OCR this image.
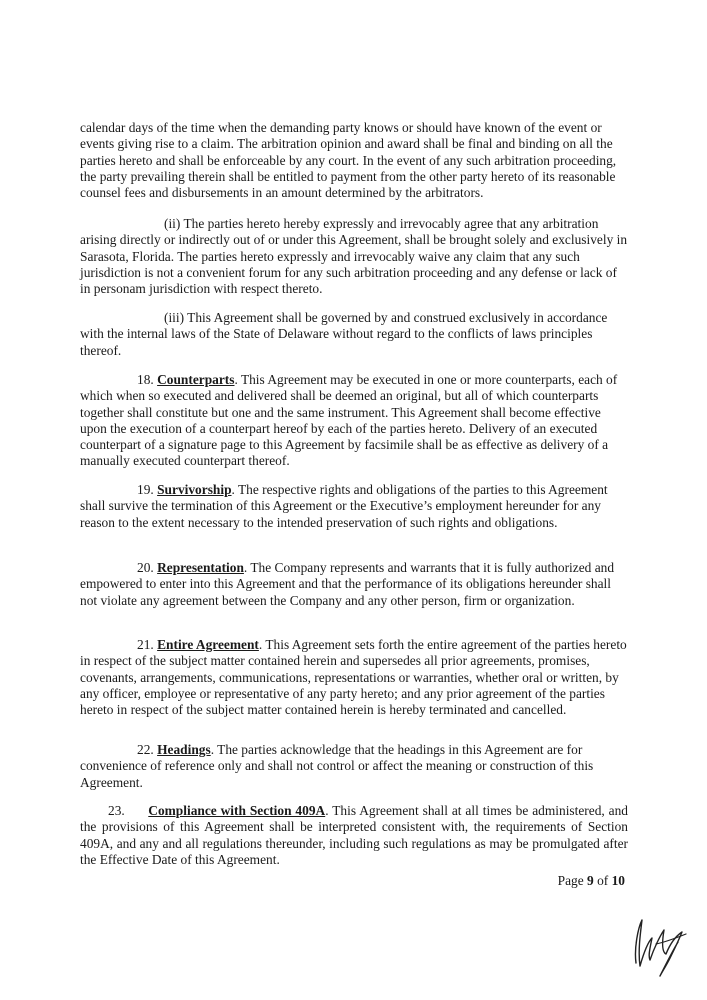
calendar days of the time when the demanding party knows or should have known of the event or events giving rise to a claim. The arbitration opinion and award shall be final and binding on all the parties hereto and shall be enforceable by any court. In the event of any such arbitration proceeding, the party prevailing therein shall be entitled to payment from the other party hereto of its reasonable counsel fees and disbursements in an amount determined by the arbitrators.

(ii) The parties hereto hereby expressly and irrevocably agree that any arbitration arising directly or indirectly out of or under this Agreement, shall be brought solely and exclusively in Sarasota, Florida. The parties hereto expressly and irrevocably waive any claim that any such jurisdiction is not a convenient forum for any such arbitration proceeding and any defense or lack of in personam jurisdiction with respect thereto.

(iii) This Agreement shall be governed by and construed exclusively in accordance with the internal laws of the State of Delaware without regard to the conflicts of laws principles thereof.

18. Counterparts. This Agreement may be executed in one or more counterparts, each of which when so executed and delivered shall be deemed an original, but all of which counterparts together shall constitute but one and the same instrument. This Agreement shall become effective upon the execution of a counterpart hereof by each of the parties hereto. Delivery of an executed counterpart of a signature page to this Agreement by facsimile shall be as effective as delivery of a manually executed counterpart thereof.

19. Survivorship. The respective rights and obligations of the parties to this Agreement shall survive the termination of this Agreement or the Executive’s employment hereunder for any reason to the extent necessary to the intended preservation of such rights and obligations.

20. Representation. The Company represents and warrants that it is fully authorized and empowered to enter into this Agreement and that the performance of its obligations hereunder shall not violate any agreement between the Company and any other person, firm or organization.

21. Entire Agreement. This Agreement sets forth the entire agreement of the parties hereto in respect of the subject matter contained herein and supersedes all prior agreements, promises, covenants, arrangements, communications, representations or warranties, whether oral or written, by any officer, employee or representative of any party hereto; and any prior agreement of the parties hereto in respect of the subject matter contained herein is hereby terminated and cancelled.

22. Headings. The parties acknowledge that the headings in this Agreement are for convenience of reference only and shall not control or affect the meaning or construction of this Agreement.

23. Compliance with Section 409A. This Agreement shall at all times be administered, and the provisions of this Agreement shall be interpreted consistent with, the requirements of Section 409A, and any and all regulations thereunder, including such regulations as may be promulgated after the Effective Date of this Agreement.

Page 9 of 10
